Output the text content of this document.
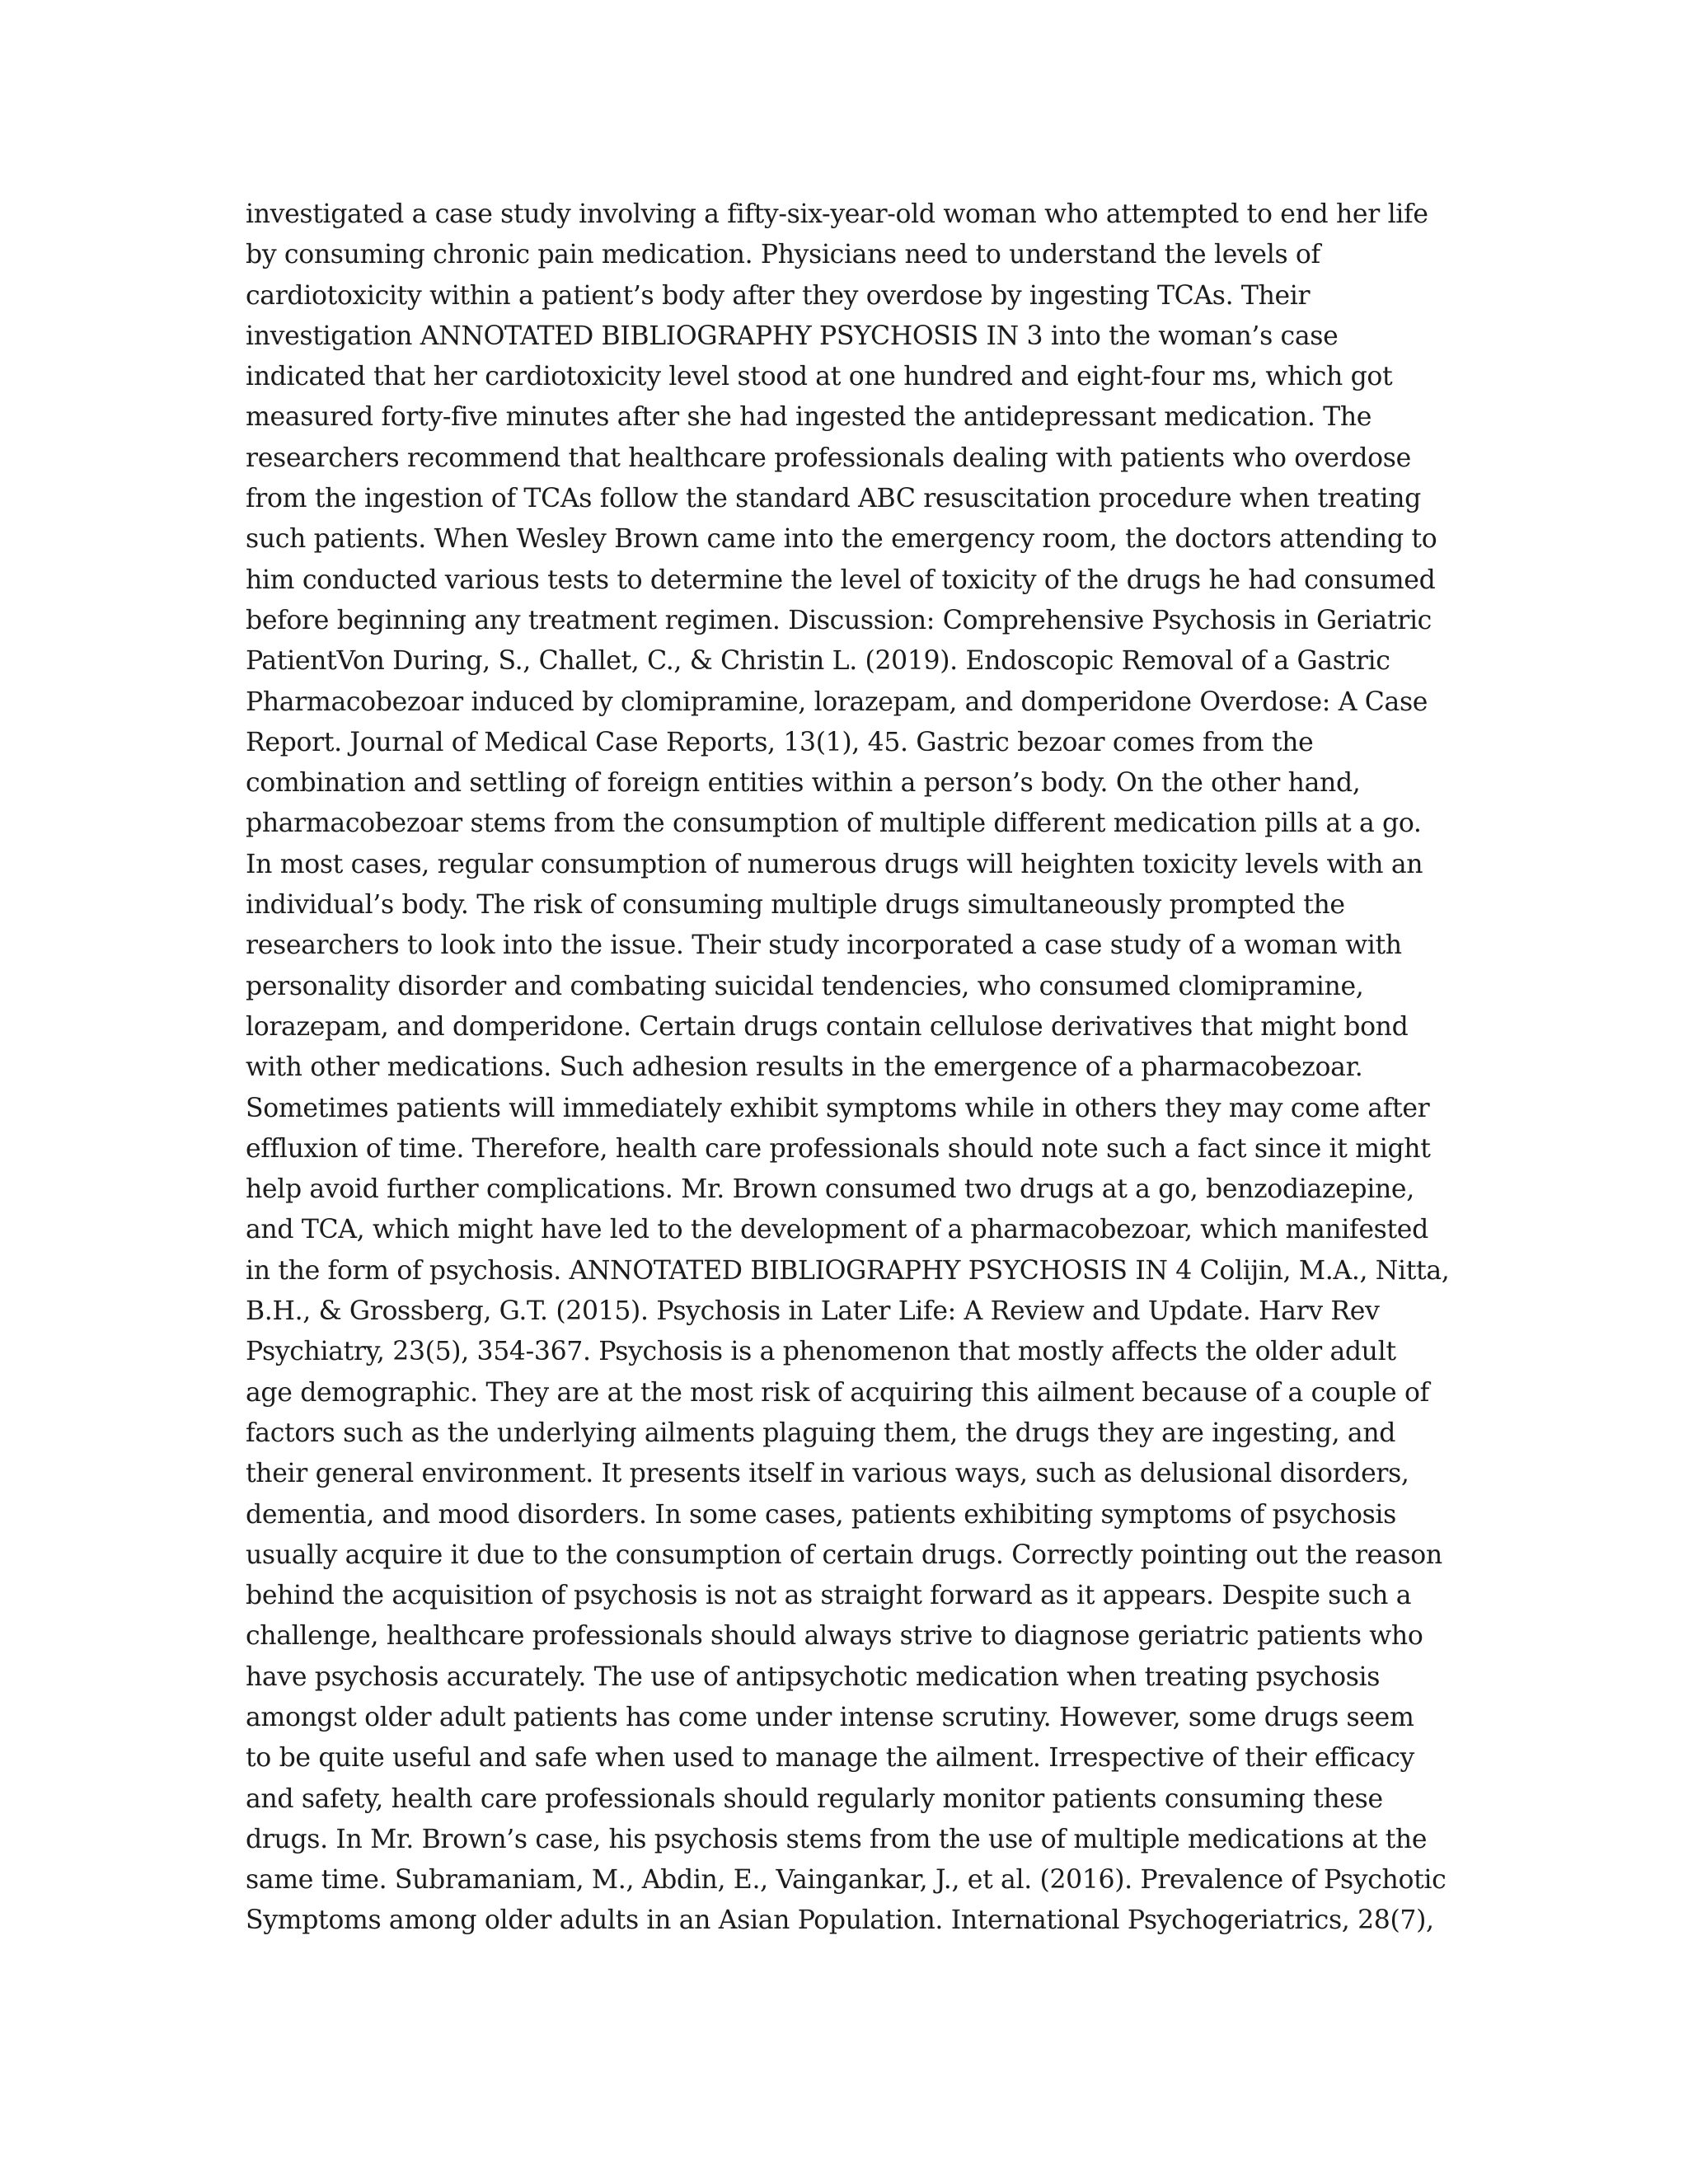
investigated a case study involving a fifty-six-year-old woman who attempted to end her life
by consuming chronic pain medication. Physicians need to understand the levels of
cardiotoxicity within a patient’s body after they overdose by ingesting TCAs. Their
investigation ANNOTATED BIBLIOGRAPHY PSYCHOSIS IN 3 into the woman’s case
indicated that her cardiotoxicity level stood at one hundred and eight-four ms, which got
measured forty-five minutes after she had ingested the antidepressant medication. The
researchers recommend that healthcare professionals dealing with patients who overdose
from the ingestion of TCAs follow the standard ABC resuscitation procedure when treating
such patients. When Wesley Brown came into the emergency room, the doctors attending to
him conducted various tests to determine the level of toxicity of the drugs he had consumed
before beginning any treatment regimen. Discussion: Comprehensive Psychosis in Geriatric
PatientVon During, S., Challet, C., & Christin L. (2019). Endoscopic Removal of a Gastric
Pharmacobezoar induced by clomipramine, lorazepam, and domperidone Overdose: A Case
Report. Journal of Medical Case Reports, 13(1), 45. Gastric bezoar comes from the
combination and settling of foreign entities within a person’s body. On the other hand,
pharmacobezoar stems from the consumption of multiple different medication pills at a go.
In most cases, regular consumption of numerous drugs will heighten toxicity levels with an
individual’s body. The risk of consuming multiple drugs simultaneously prompted the
researchers to look into the issue. Their study incorporated a case study of a woman with
personality disorder and combating suicidal tendencies, who consumed clomipramine,
lorazepam, and domperidone. Certain drugs contain cellulose derivatives that might bond
with other medications. Such adhesion results in the emergence of a pharmacobezoar.
Sometimes patients will immediately exhibit symptoms while in others they may come after
effluxion of time. Therefore, health care professionals should note such a fact since it might
help avoid further complications. Mr. Brown consumed two drugs at a go, benzodiazepine,
and TCA, which might have led to the development of a pharmacobezoar, which manifested
in the form of psychosis. ANNOTATED BIBLIOGRAPHY PSYCHOSIS IN 4 Colijin, M.A., Nitta,
B.H., & Grossberg, G.T. (2015). Psychosis in Later Life: A Review and Update. Harv Rev
Psychiatry, 23(5), 354-367. Psychosis is a phenomenon that mostly affects the older adult
age demographic. They are at the most risk of acquiring this ailment because of a couple of
factors such as the underlying ailments plaguing them, the drugs they are ingesting, and
their general environment. It presents itself in various ways, such as delusional disorders,
dementia, and mood disorders. In some cases, patients exhibiting symptoms of psychosis
usually acquire it due to the consumption of certain drugs. Correctly pointing out the reason
behind the acquisition of psychosis is not as straight forward as it appears. Despite such a
challenge, healthcare professionals should always strive to diagnose geriatric patients who
have psychosis accurately. The use of antipsychotic medication when treating psychosis
amongst older adult patients has come under intense scrutiny. However, some drugs seem
to be quite useful and safe when used to manage the ailment. Irrespective of their efficacy
and safety, health care professionals should regularly monitor patients consuming these
drugs. In Mr. Brown’s case, his psychosis stems from the use of multiple medications at the
same time. Subramaniam, M., Abdin, E., Vaingankar, J., et al. (2016). Prevalence of Psychotic
Symptoms among older adults in an Asian Population. International Psychogeriatrics, 28(7),
